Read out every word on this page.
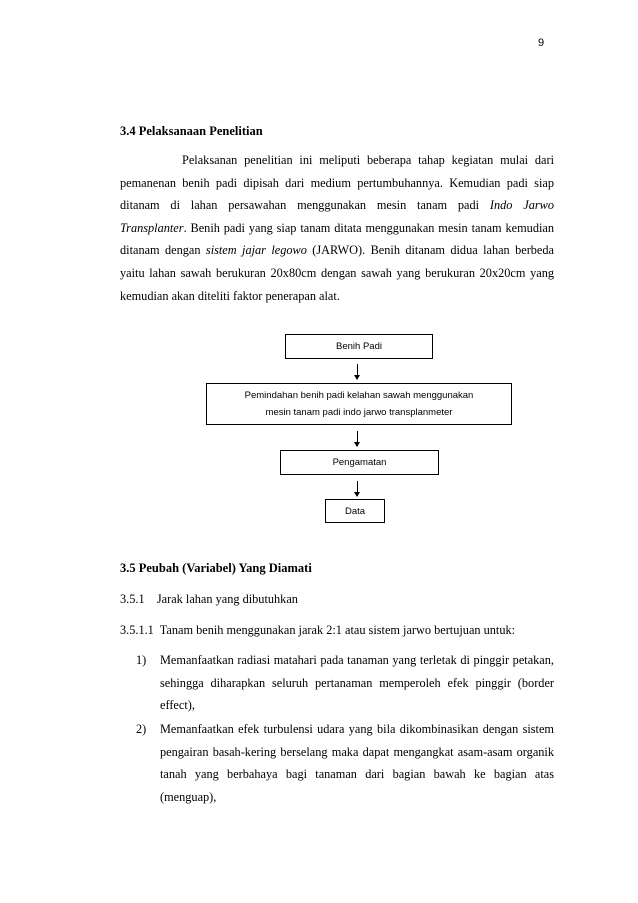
9
3.4 Pelaksanaan Penelitian

Pelaksanan penelitian ini meliputi beberapa tahap kegiatan mulai dari pemanenan benih padi dipisah dari medium pertumbuhannya. Kemudian padi siap ditanam di lahan persawahan menggunakan mesin tanam padi Indo Jarwo Transplanter. Benih padi yang siap tanam ditata menggunakan mesin tanam kemudian ditanam dengan sistem jajar legowo (JARWO). Benih ditanam didua lahan berbeda yaitu lahan sawah berukuran 20x80cm dengan sawah yang berukuran 20x20cm yang kemudian akan diteliti faktor penerapan alat.

Benih Padi
Pemindahan benih padi kelahan sawah menggunakan
mesin tanam padi indo jarwo transplanmeter
Pengamatan
Data
3.5 Peubah (Variabel) Yang Diamati
3.5.1    Jarak lahan yang dibutuhkan
3.5.1.1  Tanam benih menggunakan jarak 2:1 atau sistem jarwo bertujuan untuk:
1) Memanfaatkan radiasi matahari pada tanaman yang terletak di pinggir petakan, sehingga diharapkan seluruh pertanaman memperoleh efek pinggir (border effect),
2) Memanfaatkan efek turbulensi udara yang bila dikombinasikan dengan sistem pengairan basah-kering berselang maka dapat mengangkat asam-asam organik tanah yang berbahaya bagi tanaman dari bagian bawah ke bagian atas (menguap),
